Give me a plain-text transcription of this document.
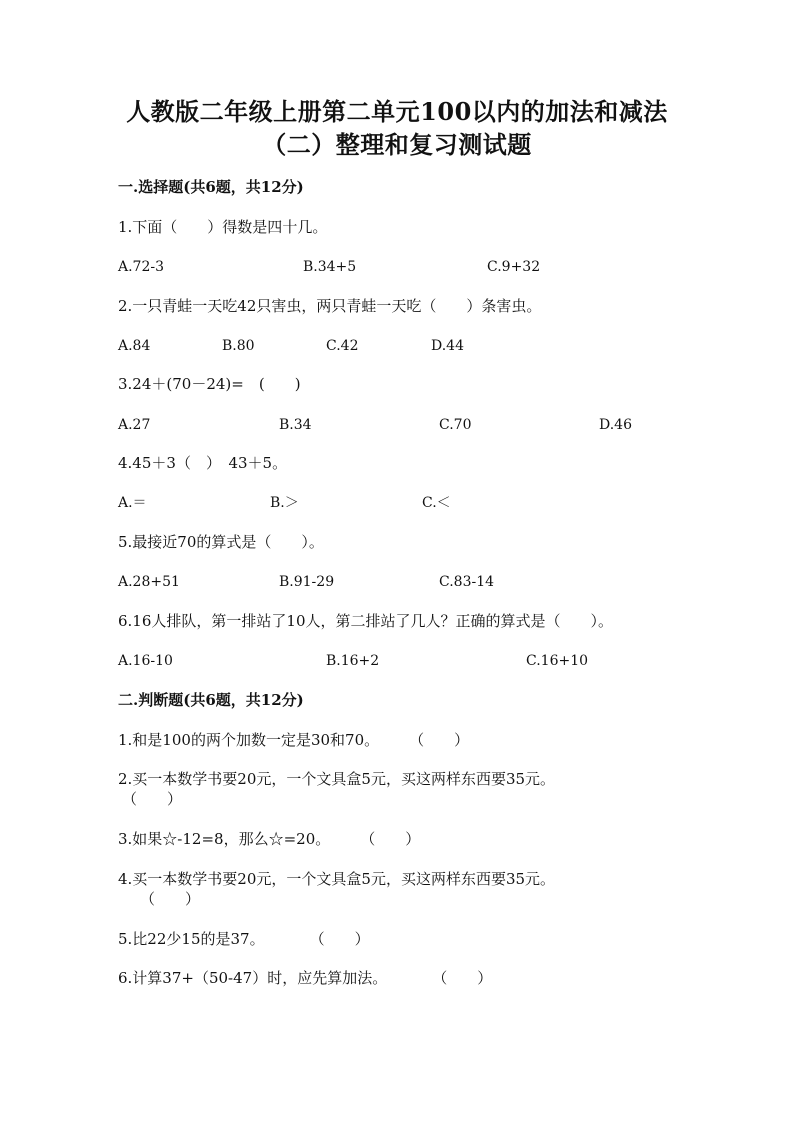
人教版二年级上册第二单元100以内的加法和减法
（二）整理和复习测试题
一.选择题(共6题，共12分)
1.下面（　　）得数是四十几。
A.72-3	B.34+5	C.9+32
2.一只青蛙一天吃42只害虫，两只青蛙一天吃（　　）条害虫。
A.84	B.80	C.42	D.44
3.24＋(70－24)=　(　　)
A.27	B.34	C.70	D.46
4.45＋3（　）　43＋5。
A.＝	B.＞	C.＜
5.最接近70的算式是（　　）。
A.28+51	B.91-29	C.83-14
6.16人排队，第一排站了10人，第二排站了几人？正确的算式是（　　）。
A.16-10	B.16+2	C.16+10
二.判断题(共6题，共12分)
1.和是100的两个加数一定是30和70。　　　（　　）
2.买一本数学书要20元，一个文具盒5元，买这两样东西要35元。
（　　）
3.如果☆-12=8，那么☆=20。　　　（　　）
4.买一本数学书要20元，一个文具盒5元，买这两样东西要35元。
（　　）
5.比22少15的是37。　　　　（　　）
6.计算37+（50-47）时，应先算加法。　　　　（　　）
